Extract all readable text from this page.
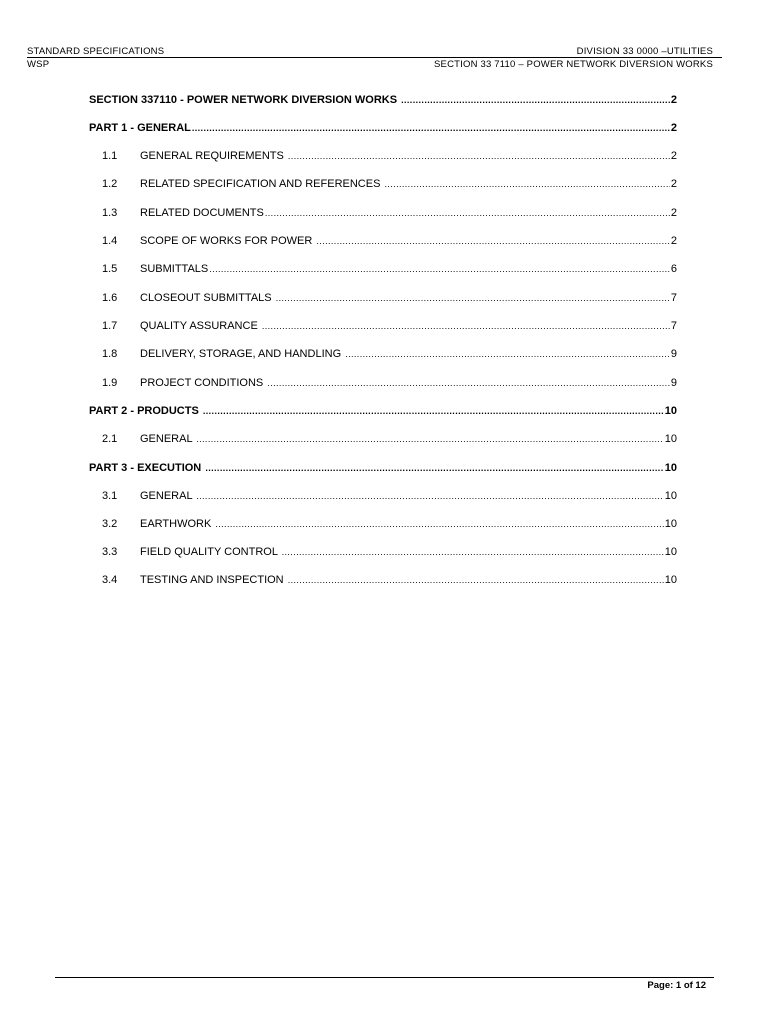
STANDARD SPECIFICATIONS	DIVISION 33 0000 –UTILITIES
WSP	SECTION 33 7110 – POWER NETWORK DIVERSION WORKS
SECTION 337110 - POWER NETWORK DIVERSION WORKS .....	2
PART 1 - GENERAL .....	2
1.1	GENERAL REQUIREMENTS .....	2
1.2	RELATED SPECIFICATION AND REFERENCES .....	2
1.3	RELATED DOCUMENTS .....	2
1.4	SCOPE OF WORKS FOR POWER .....	2
1.5	SUBMITTALS .....	6
1.6	CLOSEOUT SUBMITTALS .....	7
1.7	QUALITY ASSURANCE .....	7
1.8	DELIVERY, STORAGE, AND HANDLING .....	9
1.9	PROJECT CONDITIONS .....	9
PART 2 - PRODUCTS .....	10
2.1	GENERAL .....	10
PART 3 - EXECUTION .....	10
3.1	GENERAL .....	10
3.2	EARTHWORK .....	10
3.3	FIELD QUALITY CONTROL .....	10
3.4	TESTING AND INSPECTION .....	10
Page: 1 of 12
